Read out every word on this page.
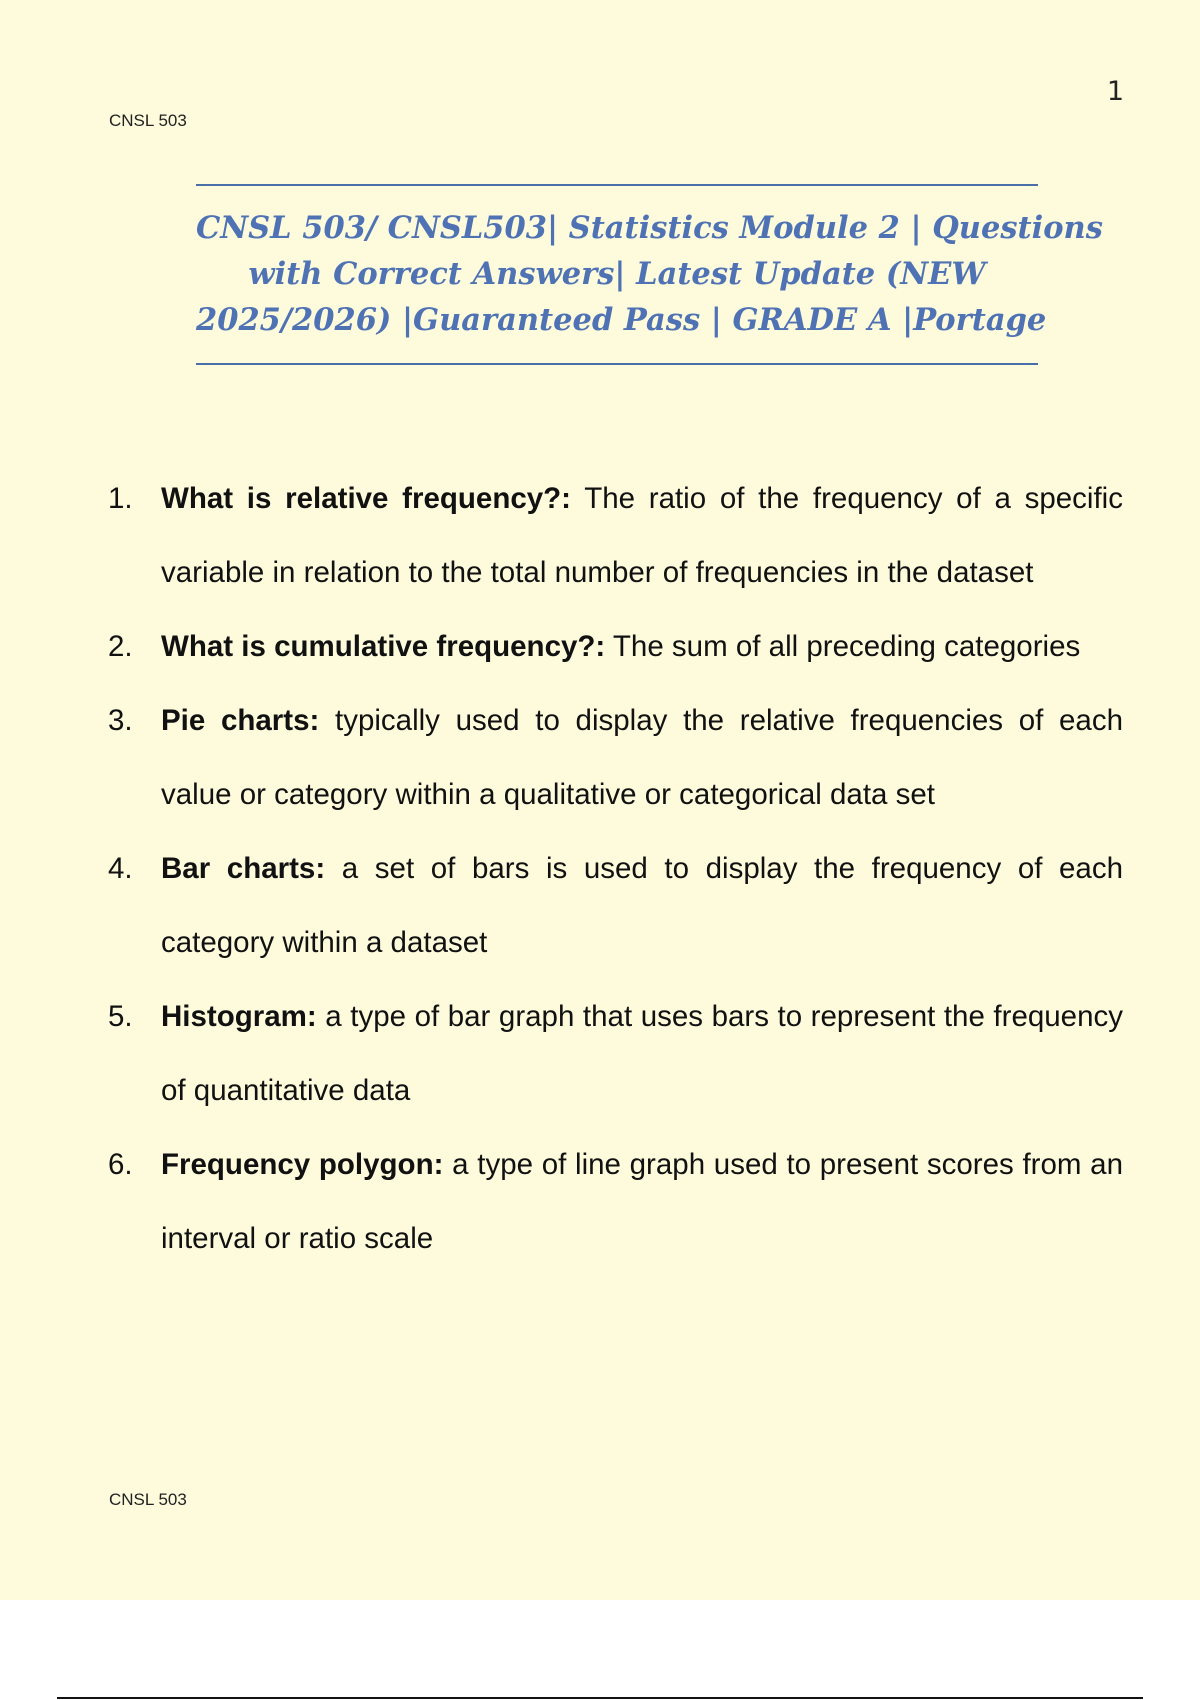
1
CNSL 503
CNSL 503/ CNSL503| Statistics Module 2 | Questions
with Correct Answers| Latest Update (NEW
2025/2026) |Guaranteed Pass | GRADE A |Portage
1. What is relative frequency?: The ratio of the frequency of a specific variable in relation to the total number of frequencies in the dataset
2. What is cumulative frequency?: The sum of all preceding categories
3. Pie charts: typically used to display the relative frequencies of each value or category within a qualitative or categorical data set
4. Bar charts: a set of bars is used to display the frequency of each category within a dataset
5. Histogram: a type of bar graph that uses bars to represent the frequency of quantitative data
6. Frequency polygon: a type of line graph used to present scores from an interval or ratio scale
CNSL 503
